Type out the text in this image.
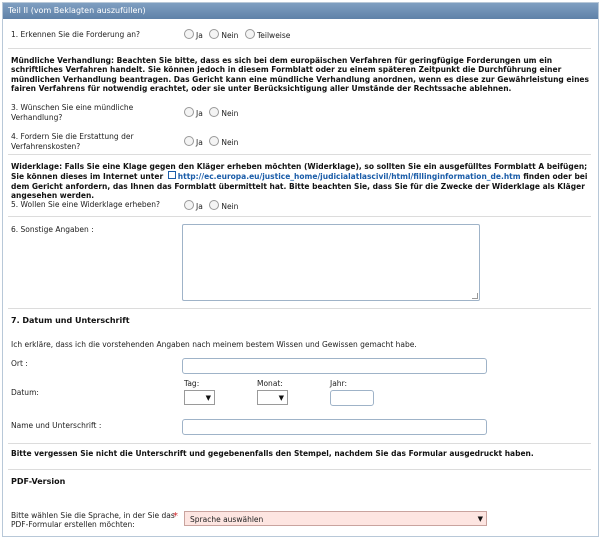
Teil II (vom Beklagten auszufüllen)
1. Erkennen Sie die Forderung an?	Ja Nein Teilweise
Mündliche Verhandlung: Beachten Sie bitte, dass es sich bei dem europäischen Verfahren für geringfügige Forderungen um ein schriftliches Verfahren handelt. Sie können jedoch in diesem Formblatt oder zu einem späteren Zeitpunkt die Durchführung einer mündlichen Verhandlung beantragen. Das Gericht kann eine mündliche Verhandlung anordnen, wenn es diese zur Gewährleistung eines fairen Verfahrens für notwendig erachtet, oder sie unter Berücksichtigung aller Umstände der Rechtssache ablehnen.
3. Wünschen Sie eine mündliche
Verhandlung?	Ja Nein
4. Fordern Sie die Erstattung der
Verfahrenskosten?	Ja Nein
Widerklage: Falls Sie eine Klage gegen den Kläger erheben möchten (Widerklage), so sollten Sie ein ausgefülltes Formblatt A beifügen; Sie können dieses im Internet unter http://ec.europa.eu/justice_home/judicialatlascivil/html/fillinginformation_de.htm finden oder bei dem Gericht anfordern, das Ihnen das Formblatt übermittelt hat. Bitte beachten Sie, dass Sie für die Zwecke der Widerklage als Kläger angesehen werden.
5. Wollen Sie eine Widerklage erheben?	Ja Nein
6. Sonstige Angaben :
7. Datum und Unterschrift
Ich erkläre, dass ich die vorstehenden Angaben nach meinem bestem Wissen und Gewissen gemacht habe.
Ort :
Datum:
Tag:	Monat:	Jahr:
▼	▼
Name und Unterschrift :
Bitte vergessen Sie nicht die Unterschrift und gegebenenfalls den Stempel, nachdem Sie das Formular ausgedruckt haben.
PDF-Version
Bitte wählen Sie die Sprache, in der Sie das
PDF-Formular erstellen möchten:
* Sprache auswählen	▼
